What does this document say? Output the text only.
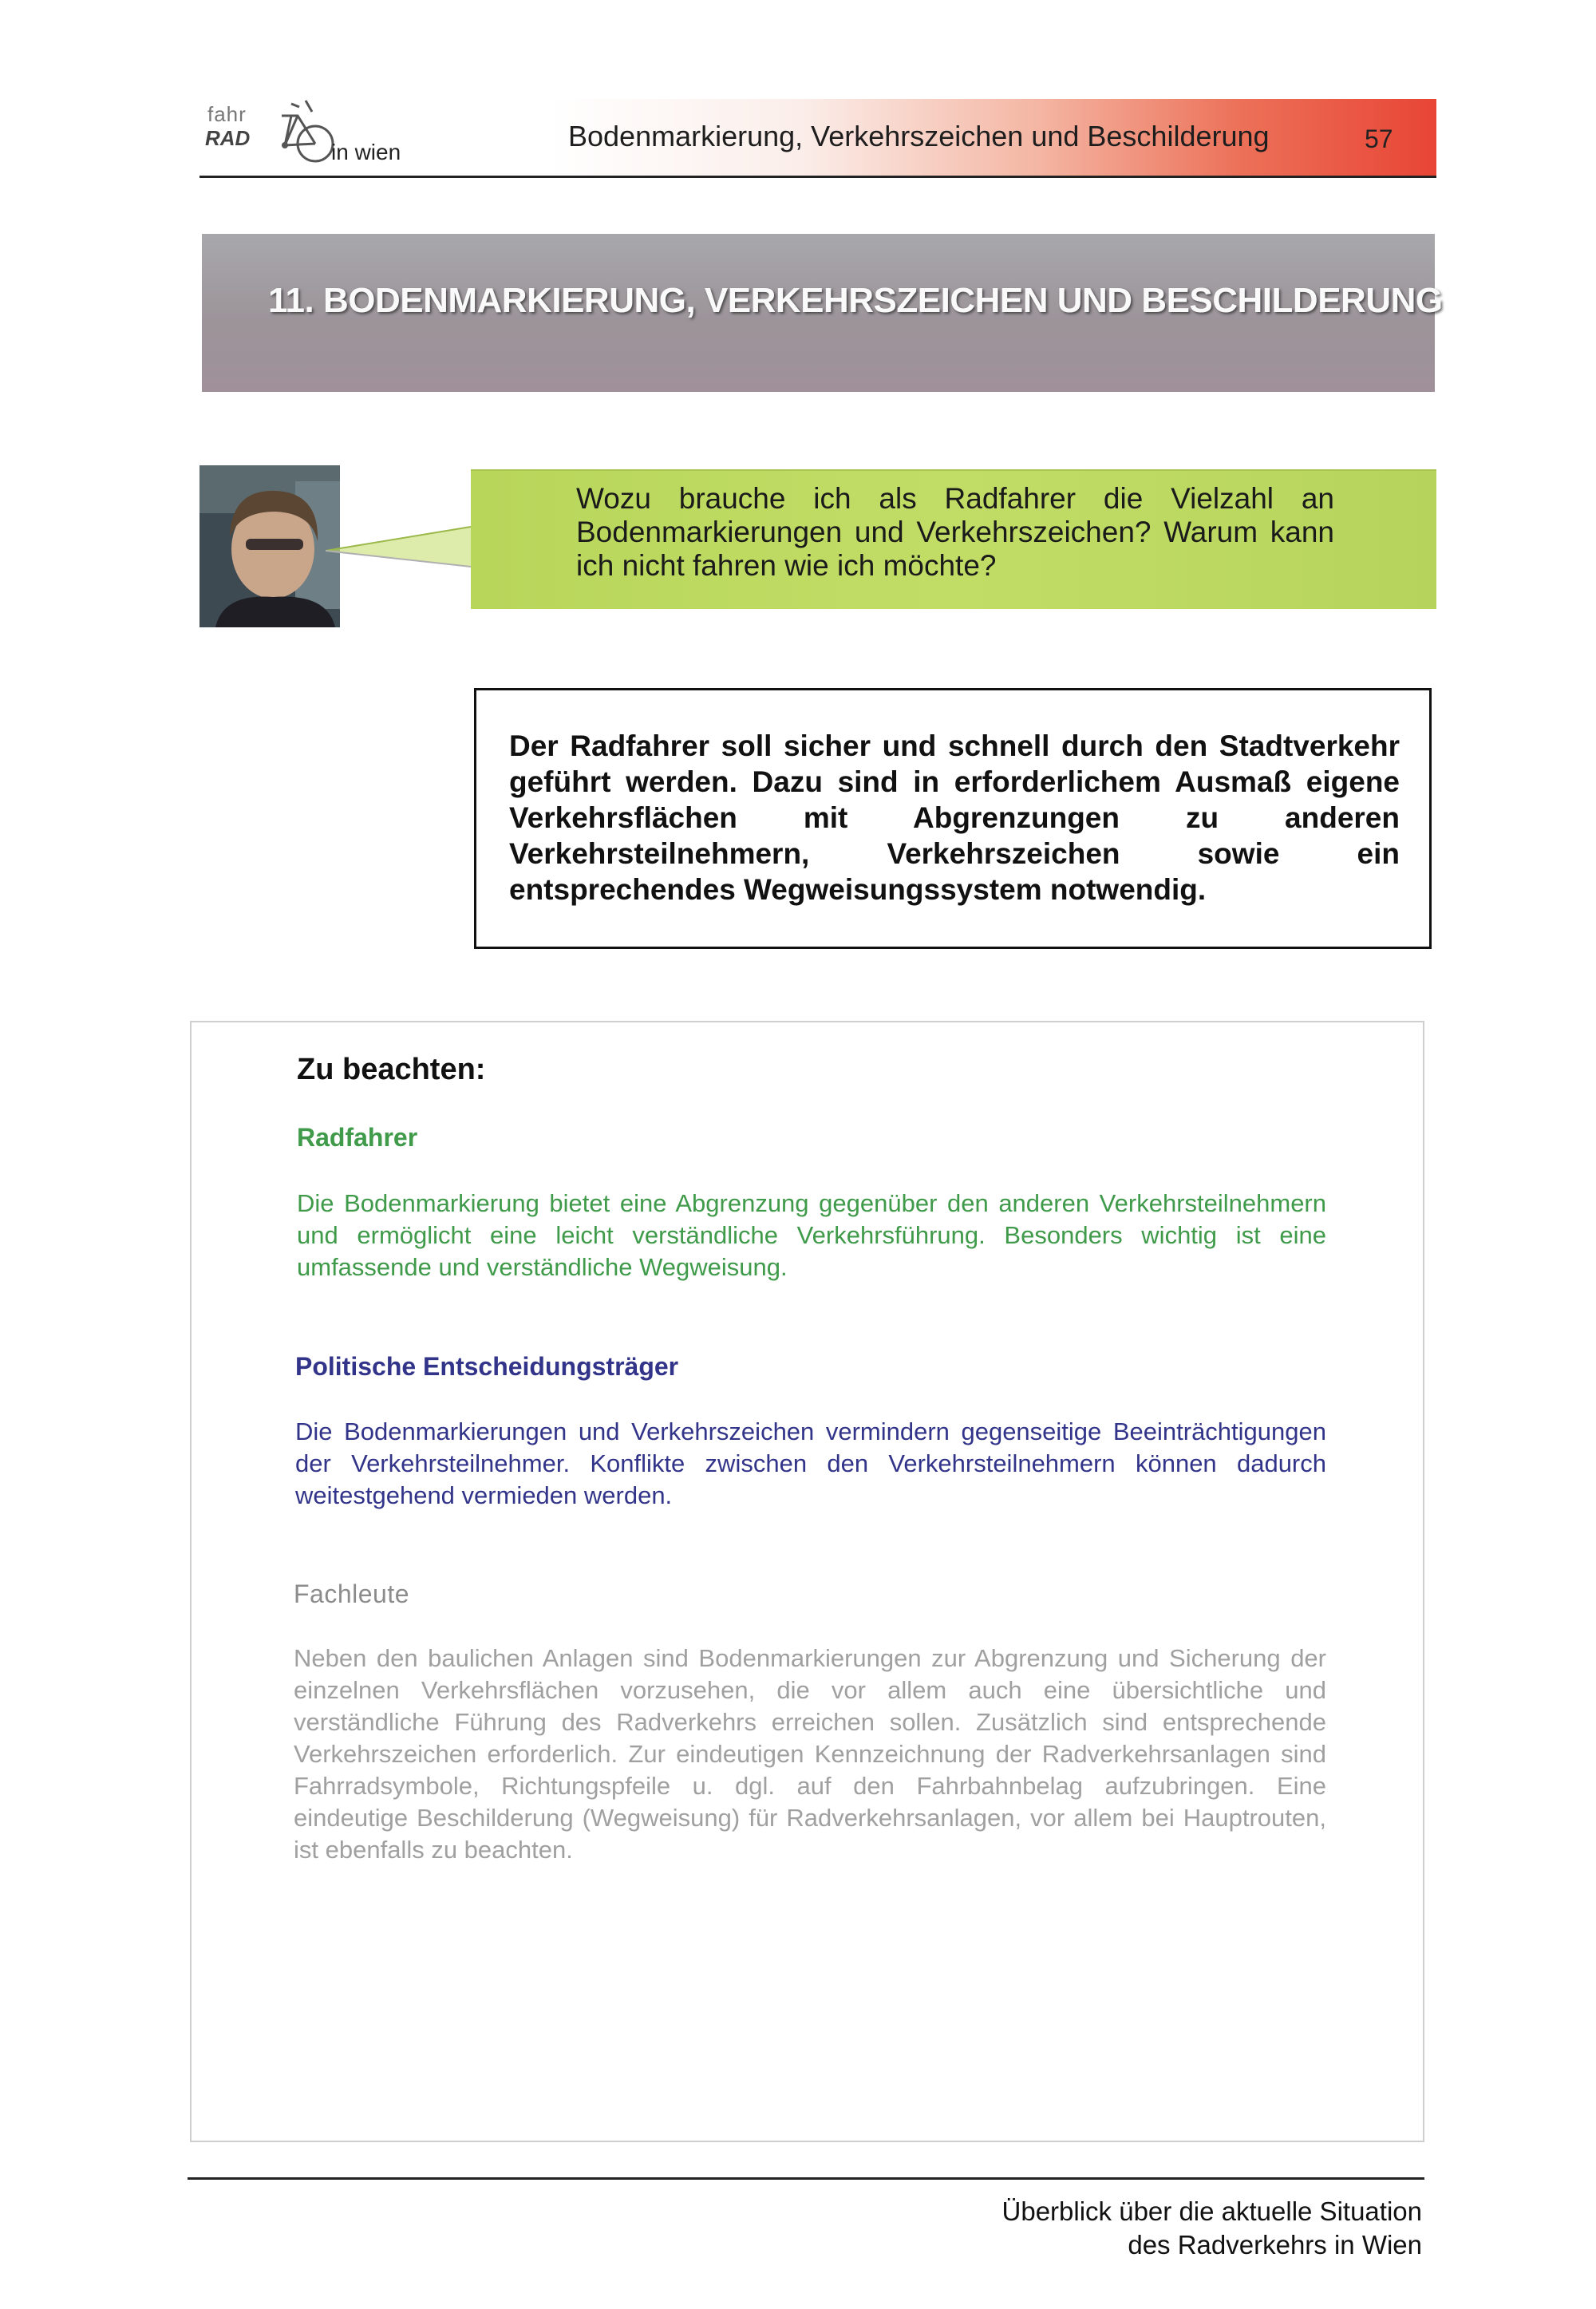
fahr
RAD
in wien	Bodenmarkierung, Verkehrszeichen und Beschilderung	57
11. BODENMARKIERUNG, VERKEHRSZEICHEN UND BESCHILDERUNG
Wozu brauche ich als Radfahrer die Vielzahl an Bodenmarkierungen und Verkehrszeichen? Warum kann ich nicht fahren wie ich möchte?
Der Radfahrer soll sicher und schnell durch den Stadtverkehr geführt werden. Dazu sind in erforderlichem Ausmaß eigene Verkehrsflächen mit Abgrenzungen zu anderen Verkehrsteilnehmern, Verkehrszeichen sowie ein entsprechendes Wegweisungssystem notwendig.
Zu beachten:
Radfahrer
Die Bodenmarkierung bietet eine Abgrenzung gegenüber den anderen Verkehrsteilnehmern und ermöglicht eine leicht verständliche Verkehrsführung. Besonders wichtig ist eine umfassende und verständliche Wegweisung.
Politische Entscheidungsträger
Die Bodenmarkierungen und Verkehrszeichen vermindern gegenseitige Beeinträchtigungen der Verkehrsteilnehmer. Konflikte zwischen den Verkehrsteilnehmern können dadurch weitestgehend vermieden werden.
Fachleute
Neben den baulichen Anlagen sind Bodenmarkierungen zur Abgrenzung und Sicherung der einzelnen Verkehrsflächen vorzusehen, die vor allem auch eine übersichtliche und verständliche Führung des Radverkehrs erreichen sollen. Zusätzlich sind entsprechende Verkehrszeichen erforderlich. Zur eindeutigen Kennzeichnung der Radverkehrsanlagen sind Fahrradsymbole, Richtungspfeile u. dgl. auf den Fahrbahnbelag aufzubringen. Eine eindeutige Beschilderung (Wegweisung) für Radverkehrsanlagen, vor allem bei Hauptrouten, ist ebenfalls zu beachten.
Überblick über die aktuelle Situation
des Radverkehrs in Wien
